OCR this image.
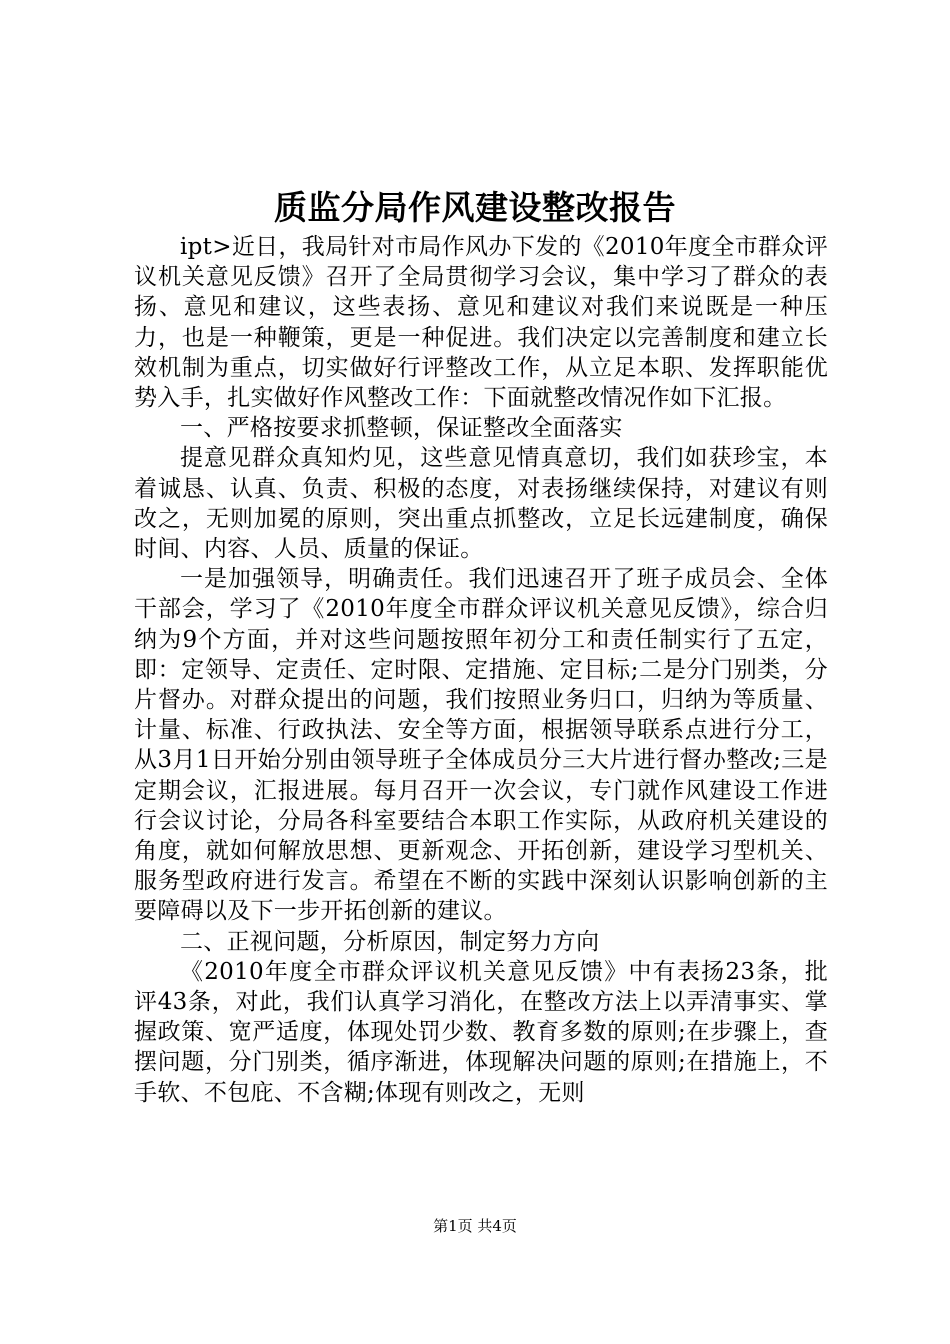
质监分局作风建设整改报告

ipt>近日，我局针对市局作风办下发的《2010年度全市群众评议机关意见反馈》召开了全局贯彻学习会议，集中学习了群众的表扬、意见和建议，这些表扬、意见和建议对我们来说既是一种压力，也是一种鞭策，更是一种促进。我们决定以完善制度和建立长效机制为重点，切实做好行评整改工作，从立足本职、发挥职能优势入手，扎实做好作风整改工作：下面就整改情况作如下汇报。

一、严格按要求抓整顿，保证整改全面落实

提意见群众真知灼见，这些意见情真意切，我们如获珍宝，本着诚恳、认真、负责、积极的态度，对表扬继续保持，对建议有则改之，无则加冕的原则，突出重点抓整改，立足长远建制度，确保时间、内容、人员、质量的保证。

一是加强领导，明确责任。我们迅速召开了班子成员会、全体干部会，学习了《2010年度全市群众评议机关意见反馈》，综合归纳为9个方面，并对这些问题按照年初分工和责任制实行了五定，即：定领导、定责任、定时限、定措施、定目标;二是分门别类，分片督办。对群众提出的问题，我们按照业务归口，归纳为等质量、计量、标准、行政执法、安全等方面，根据领导联系点进行分工，从3月1日开始分别由领导班子全体成员分三大片进行督办整改;三是定期会议，汇报进展。每月召开一次会议，专门就作风建设工作进行会议讨论，分局各科室要结合本职工作实际，从政府机关建设的角度，就如何解放思想、更新观念、开拓创新，建设学习型机关、服务型政府进行发言。希望在不断的实践中深刻认识影响创新的主要障碍以及下一步开拓创新的建议。

二、正视问题，分析原因，制定努力方向

《2010年度全市群众评议机关意见反馈》中有表扬23条，批评43条，对此，我们认真学习消化，在整改方法上以弄清事实、掌握政策、宽严适度，体现处罚少数、教育多数的原则;在步骤上，查摆问题，分门别类，循序渐进，体现解决问题的原则;在措施上，不手软、不包庇、不含糊;体现有则改之，无则

第1页 共4页
